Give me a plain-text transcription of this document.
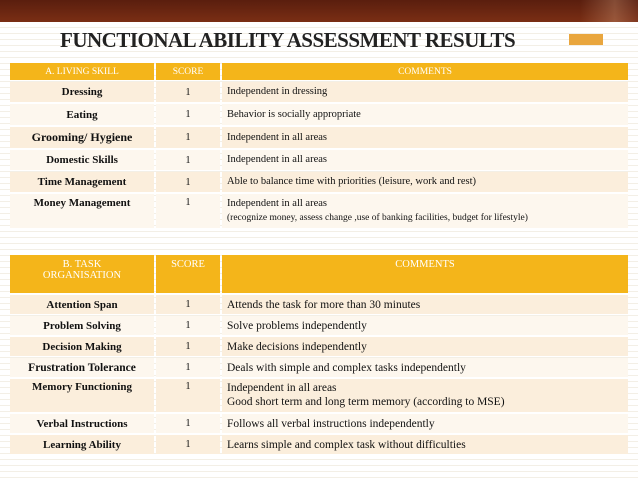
FUNCTIONAL ABILITY ASSESSMENT RESULTS
A. LIVING SKILL	SCORE	COMMENTS
Dressing	1	Independent in dressing
Eating	1	Behavior is socially appropriate
Grooming/ Hygiene	1	Independent in all areas
Domestic Skills	1	Independent in all areas
Time Management	1	Able to balance time with priorities (leisure, work and rest)
Money Management	1	Independent in all areas
(recognize money, assess change ,use of banking facilities, budget for lifestyle)
B. TASK
ORGANISATION	SCORE	COMMENTS
Attention Span	1	Attends the task for more than 30 minutes
Problem Solving	1	Solve problems independently
Decision Making	1	Make decisions independently
Frustration Tolerance	1	Deals with simple and complex tasks independently
Memory Functioning	1	Independent in all areas
Good short term and long term memory (according to MSE)

Verbal Instructions	1	Follows all verbal instructions independently
Learning Ability	1	Learns simple and complex task without difficulties
